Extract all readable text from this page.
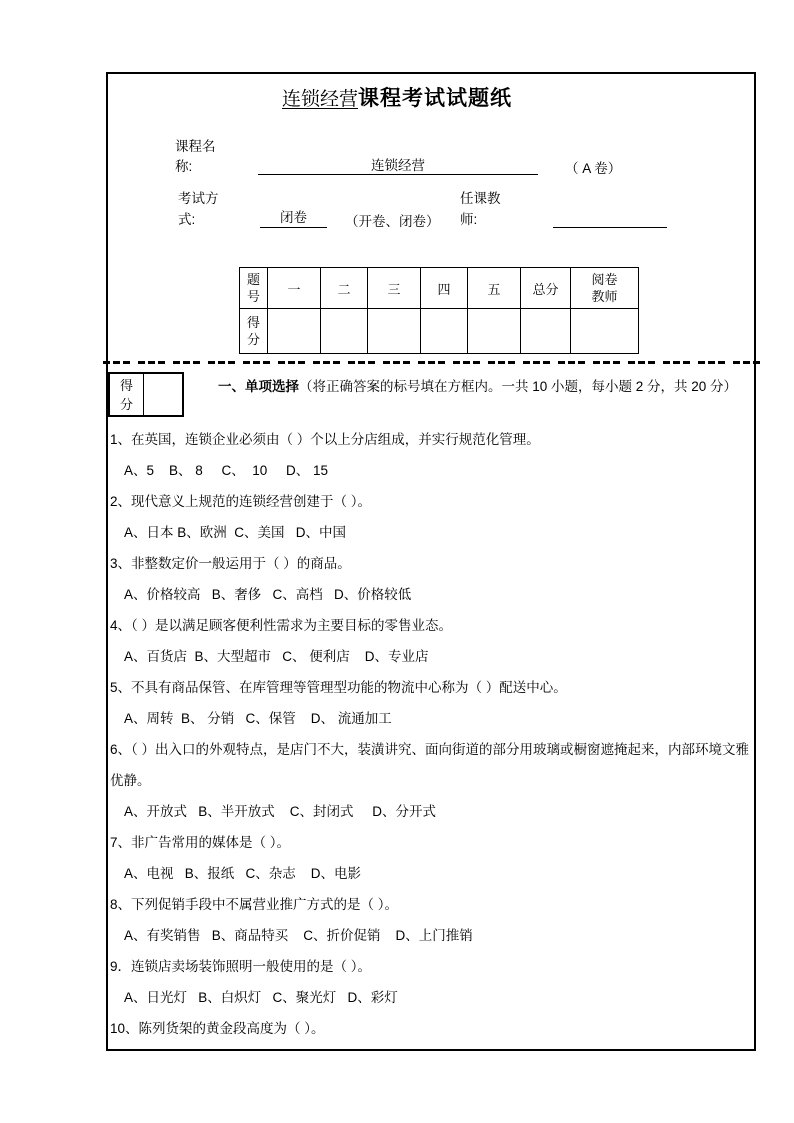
连锁经营课程考试试题纸
课程名称:	连锁经营	（ A 卷）
考试方式:	闭卷	（开卷、闭卷）
任课教师:
题号	一	二	三	四	五	总分	阅卷教师

得分							

得分
一、单项选择（将正确答案的标号填在方框内。一共 10 小题，每小题 2 分，共 20 分）

1、在英国，连锁企业必须由（ ）个以上分店组成，并实行规范化管理。

A、5    B、 8     C、  10     D、 15

2、现代意义上规范的连锁经营创建于（ ）。

A、日本 B、欧洲  C、美国   D、中国

3、非整数定价一般运用于（ ）的商品。

A、价格较高   B、奢侈   C、高档   D、价格较低

4、（ ）是以满足顾客便利性需求为主要目标的零售业态。

A、百货店  B、大型超市   C、 便利店    D、专业店

5、不具有商品保管、在库管理等管理型功能的物流中心称为（ ）配送中心。

A、周转  B、 分销   C、保管    D、 流通加工

6、（ ）出入口的外观特点，是店门不大，装潢讲究、面向街道的部分用玻璃或橱窗遮掩起来，内部环境文雅优静。

A、开放式   B、半开放式    C、封闭式     D、分开式

7、非广告常用的媒体是（ ）。

A、电视   B、报纸   C、杂志    D、电影

8、下列促销手段中不属营业推广方式的是（ ）。

A、有奖销售   B、商品特买    C、折价促销    D、上门推销

9．连锁店卖场装饰照明一般使用的是（ ）。

A、日光灯   B、白炽灯   C、聚光灯   D、彩灯

10、陈列货架的黄金段高度为（ ）。
